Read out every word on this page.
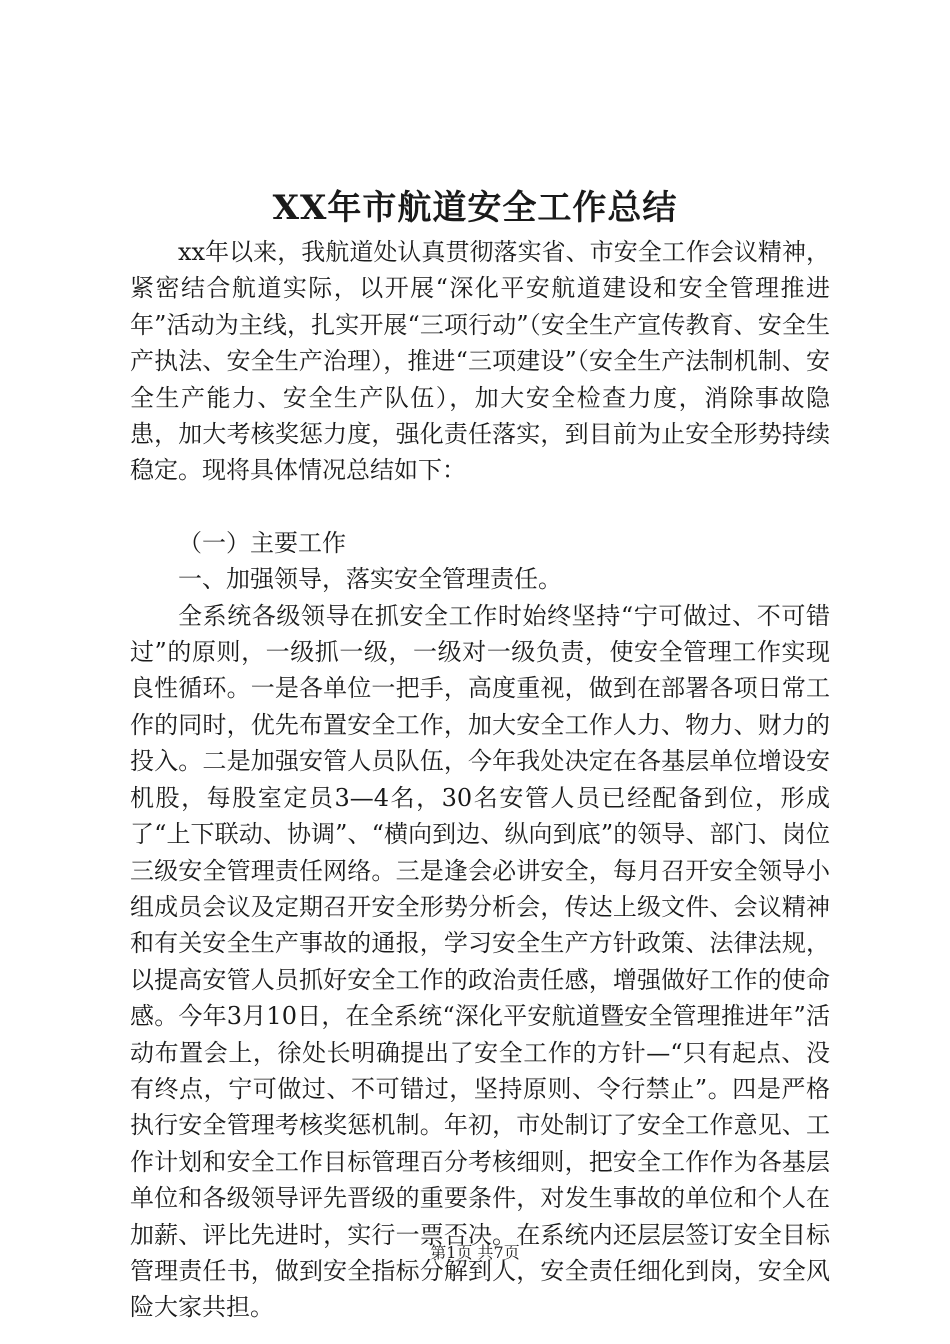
XX年市航道安全工作总结

xx年以来，我航道处认真贯彻落实省、市安全工作会议精神，紧密结合航道实际，以开展“深化平安航道建设和安全管理推进年”活动为主线，扎实开展“三项行动”（安全生产宣传教育、安全生产执法、安全生产治理），推进“三项建设”（安全生产法制机制、安全生产能力、安全生产队伍），加大安全检查力度，消除事故隐患，加大考核奖惩力度，强化责任落实，到目前为止安全形势持续稳定。现将具体情况总结如下：

（一）主要工作

一、加强领导，落实安全管理责任。

全系统各级领导在抓安全工作时始终坚持“宁可做过、不可错过”的原则，一级抓一级，一级对一级负责，使安全管理工作实现良性循环。一是各单位一把手，高度重视，做到在部署各项日常工作的同时，优先布置安全工作，加大安全工作人力、物力、财力的投入。二是加强安管人员队伍，今年我处决定在各基层单位增设安机股，每股室定员3—4名，30名安管人员已经配备到位，形成了“上下联动、协调”、“横向到边、纵向到底”的领导、部门、岗位三级安全管理责任网络。三是逢会必讲安全，每月召开安全领导小组成员会议及定期召开安全形势分析会，传达上级文件、会议精神和有关安全生产事故的通报，学习安全生产方针政策、法律法规，以提高安管人员抓好安全工作的政治责任感，增强做好工作的使命感。今年3月10日，在全系统“深化平安航道暨安全管理推进年”活动布置会上，徐处长明确提出了安全工作的方针—“只有起点、没有终点，宁可做过、不可错过，坚持原则、令行禁止”。四是严格执行安全管理考核奖惩机制。年初，市处制订了安全工作意见、工作计划和安全工作目标管理百分考核细则，把安全工作作为各基层单位和各级领导评先晋级的重要条件，对发生事故的单位和个人在加薪、评比先进时，实行一票否决。在系统内还层层签订安全目标管理责任书，做到安全指标分解到人，安全责任细化到岗，安全风险大家共担。

第1页 共7页
